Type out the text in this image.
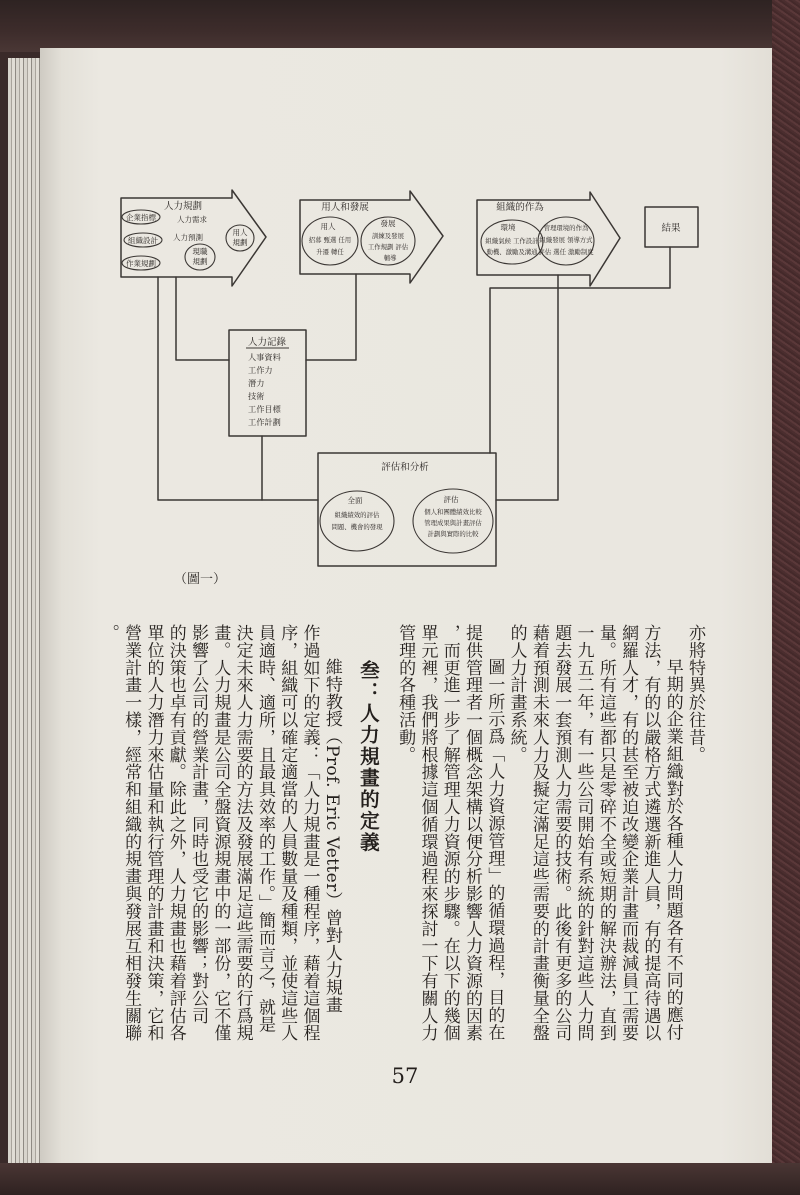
人力規劃
企業指標	人力需求
組織設計 人力預測
作業規劃
現職
規劃
用人
規劃
用人和發展
用人
招募 甄選 任用
升遷 轉任
發展
訓練及發展
工作規劃 評估
輔導
組織的作為
環境
組織氣候 工作設計
動機、激勵及溝通
管理環境的作為
組織發展 領導方式
評估 選任 激勵制度
結果
人力記錄
人事資料
工作力
潛力
技術
工作目標
工作計劃
評估和分析
全面
組織績效的評估
問題、機會的發現
評估
個人和團體績效比較
管理成果與計畫評估
計劃與實際的比較
（圖一）
亦將特異於往昔。
早期的企業組織對於各種人力問題各有不同的應付
方法，有的以嚴格方式遴選新進人員，有的提高待遇以
網羅人才，有的甚至被迫改變企業計畫而裁減員工需要
量。所有這些都只是零碎不全或短期的解決辦法，直到
一九五二年，有一些公司開始有系統的針對這些人力問
題去發展一套預測人力需要的技術。此後有更多的公司
藉着預測未來人力及擬定滿足這些需要的計畫衡量全盤
的人力計畫系統。
圖一所示爲「人力資源管理」的循環過程，目的在
提供管理者一個概念架構以便分析影響人力資源的因素
，而更進一步了解管理人力資源的步驟。在以下的幾個
單元裡，我們將根據這個循環過程來探討一下有關人力
管理的各種活動。
叁：人力規畫的定義
維特教授（Prof. Eric Vetter）曾對人力規畫
作過如下的定義：「人力規畫是一種程序，藉着這個程
序，組織可以確定適當的人員數量及種類，並使這些人
員適時、適所，且最具效率的工作。」簡而言之，就是
決定未來人力需要的方法及發展滿足這些需要的行爲規
畫。人力規畫是公司全盤資源規畫中的一部份，它不僅
影響了公司的營業計畫，同時也受它的影響；對公司
的決策也卓有貢獻。除此之外，人力規畫也藉着評估各
單位的人力潛力來估量和執行管理的計畫和決策，它和
營業計畫一樣，經常和組織的規畫與發展互相發生關聯
。
57
